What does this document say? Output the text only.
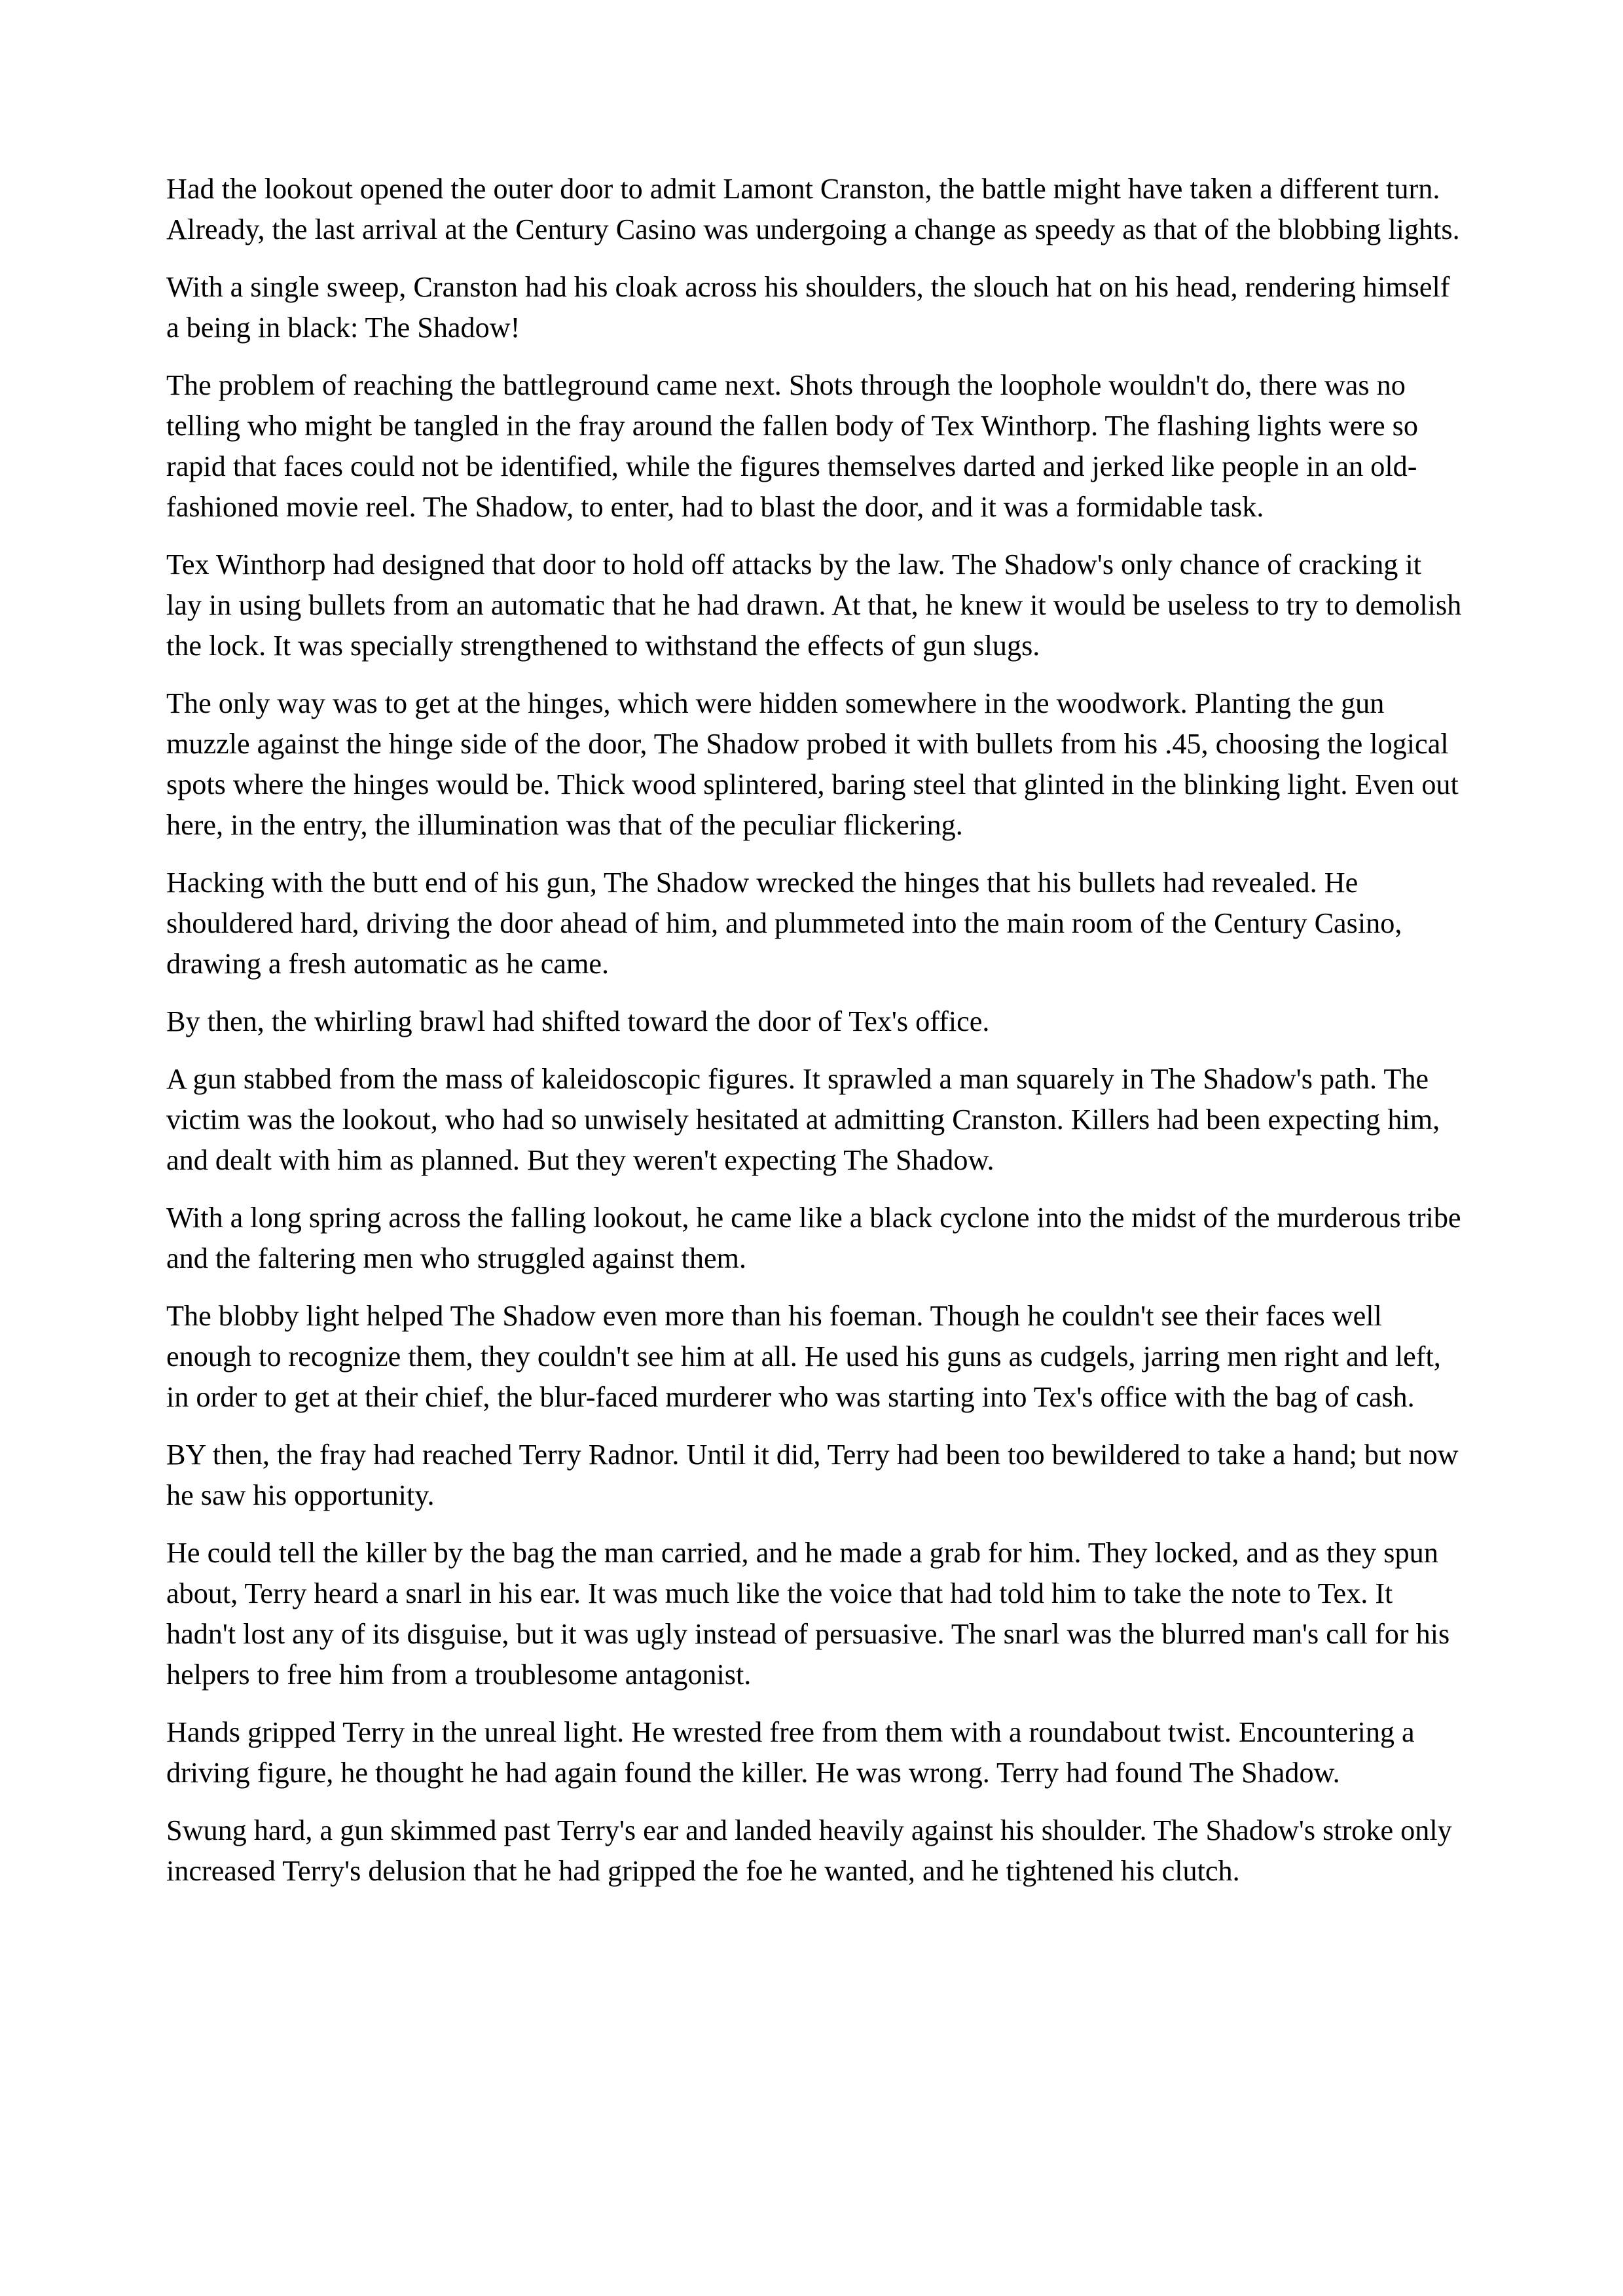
Had the lookout opened the outer door to admit Lamont Cranston, the battle might have taken a different turn. Already, the last arrival at the Century Casino was undergoing a change as speedy as that of the blobbing lights.

With a single sweep, Cranston had his cloak across his shoulders, the slouch hat on his head, rendering himself a being in black: The Shadow!

The problem of reaching the battleground came next. Shots through the loophole wouldn't do, there was no telling who might be tangled in the fray around the fallen body of Tex Winthorp. The flashing lights were so rapid that faces could not be identified, while the figures themselves darted and jerked like people in an old-fashioned movie reel. The Shadow, to enter, had to blast the door, and it was a formidable task.

Tex Winthorp had designed that door to hold off attacks by the law. The Shadow's only chance of cracking it lay in using bullets from an automatic that he had drawn. At that, he knew it would be useless to try to demolish the lock. It was specially strengthened to withstand the effects of gun slugs.

The only way was to get at the hinges, which were hidden somewhere in the woodwork. Planting the gun muzzle against the hinge side of the door, The Shadow probed it with bullets from his .45, choosing the logical spots where the hinges would be. Thick wood splintered, baring steel that glinted in the blinking light. Even out here, in the entry, the illumination was that of the peculiar flickering.

Hacking with the butt end of his gun, The Shadow wrecked the hinges that his bullets had revealed. He shouldered hard, driving the door ahead of him, and plummeted into the main room of the Century Casino, drawing a fresh automatic as he came.

By then, the whirling brawl had shifted toward the door of Tex's office.

A gun stabbed from the mass of kaleidoscopic figures. It sprawled a man squarely in The Shadow's path. The victim was the lookout, who had so unwisely hesitated at admitting Cranston. Killers had been expecting him, and dealt with him as planned. But they weren't expecting The Shadow.

With a long spring across the falling lookout, he came like a black cyclone into the midst of the murderous tribe and the faltering men who struggled against them.

The blobby light helped The Shadow even more than his foeman. Though he couldn't see their faces well enough to recognize them, they couldn't see him at all. He used his guns as cudgels, jarring men right and left, in order to get at their chief, the blur-faced murderer who was starting into Tex's office with the bag of cash.

BY then, the fray had reached Terry Radnor. Until it did, Terry had been too bewildered to take a hand; but now he saw his opportunity.

He could tell the killer by the bag the man carried, and he made a grab for him. They locked, and as they spun about, Terry heard a snarl in his ear. It was much like the voice that had told him to take the note to Tex. It hadn't lost any of its disguise, but it was ugly instead of persuasive. The snarl was the blurred man's call for his helpers to free him from a troublesome antagonist.

Hands gripped Terry in the unreal light. He wrested free from them with a roundabout twist. Encountering a driving figure, he thought he had again found the killer. He was wrong. Terry had found The Shadow.

Swung hard, a gun skimmed past Terry's ear and landed heavily against his shoulder. The Shadow's stroke only increased Terry's delusion that he had gripped the foe he wanted, and he tightened his clutch.
